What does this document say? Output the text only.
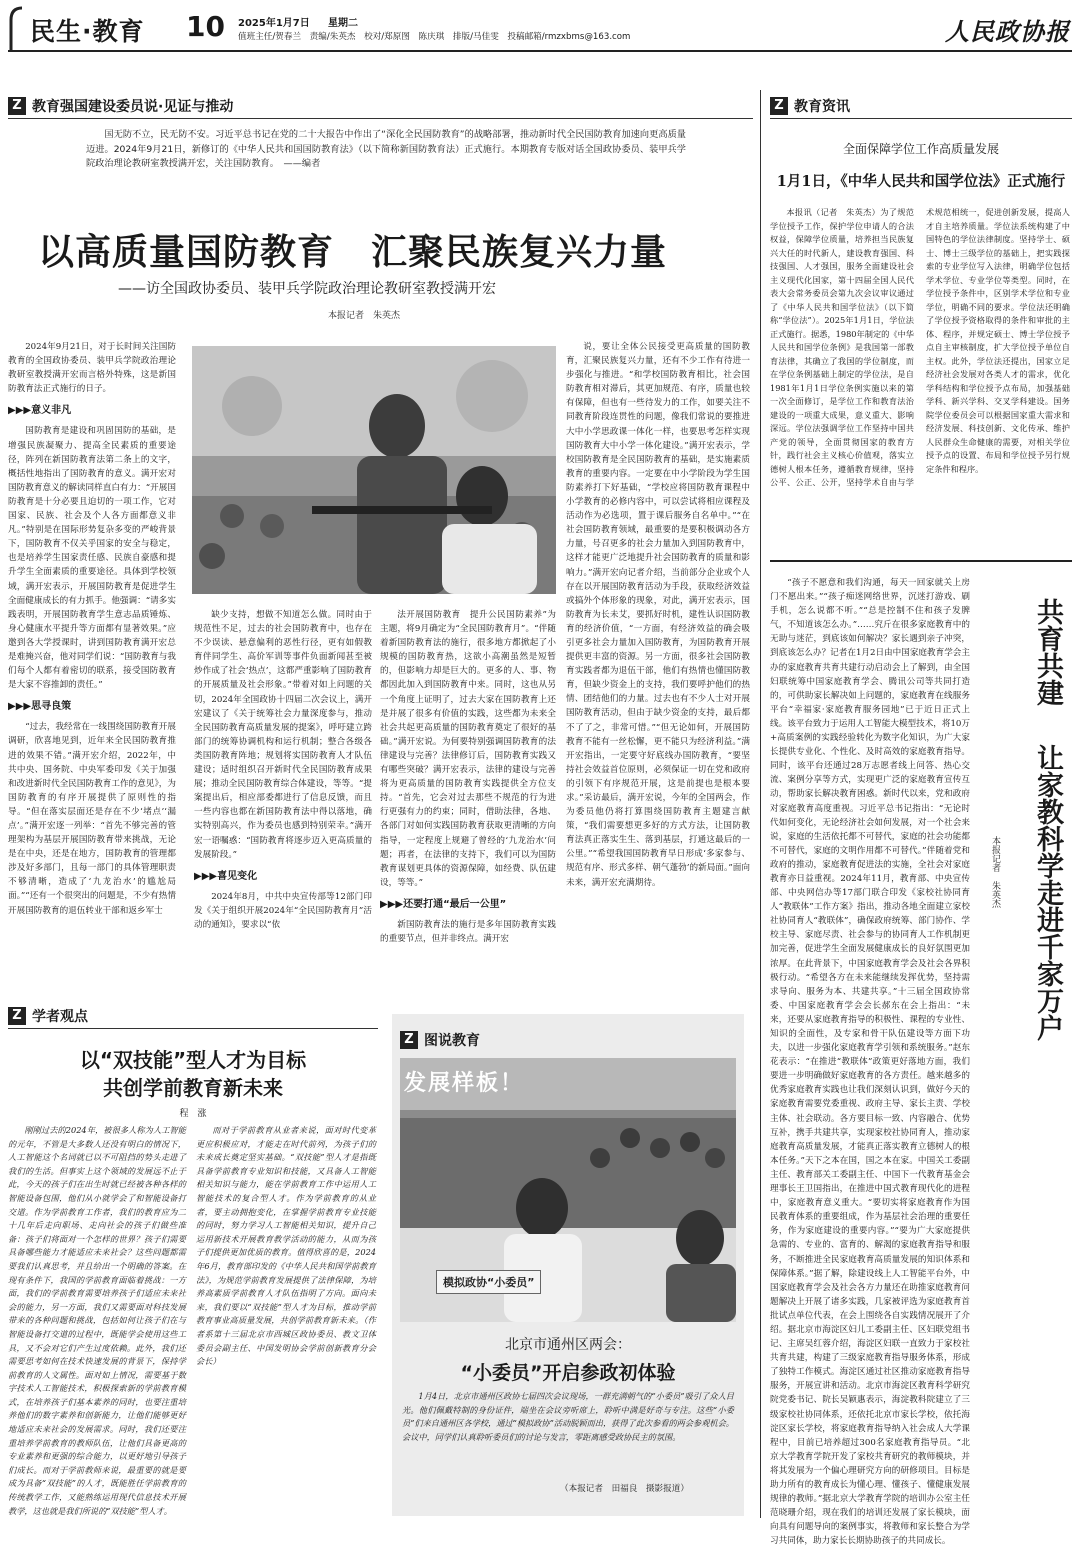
民生·教育 10 2025年1月7日 星期二
值班主任/贺春兰　责编/朱英杰　校对/郑原图　陈庆琪　排版/马佳雯　投稿邮箱/rmzxbms@163.com	人民政协报
Z 教育强国建设委员说·见证与推动

国无防不立，民无防不安。习近平总书记在党的二十大报告中作出了“深化全民国防教育”的战略部署，推动新时代全民国防教育加速向更高质量迈进。2024年9月21日，新修订的《中华人民共和国国防教育法》（以下简称新国防教育法）正式施行。本期教育专版对话全国政协委员、装甲兵学院政治理论教研室教授满开宏，关注国防教育。　——编者

以高质量国防教育　汇聚民族复兴力量
——访全国政协委员、装甲兵学院政治理论教研室教授满开宏
本报记者　朱英杰

2024年9月21日，对于长时间关注国防教育的全国政协委员、装甲兵学院政治理论教研室教授满开宏而言格外特殊，这是新国防教育法正式施行的日子。

▶▶▶意义非凡

国防教育是建设和巩固国防的基础，是增强民族凝聚力、提高全民素质的重要途径，阵列在新国防教育法第二条上的文字，概括性地指出了国防教育的意义。满开宏对国防教育意义的解读同样直白有力：“开展国防教育是十分必要且迫切的一项工作，它对国家、民族、社会及个人各方面都意义非凡。”特别是在国际形势复杂多变的严峻背景下，国防教育不仅关乎国家的安全与稳定，也是培养学生国家责任感、民族自豪感和提升学生全面素质的重要途径。具体到学校领域，满开宏表示，开展国防教育是促进学生全面健康成长的有力抓手。他强调：“请多实践表明，开展国防教育学生意志品质锤炼、身心健康水平提升等方面都有显著效果。”应邀到各大学授课时，讲到国防教育满开宏总是难掩兴奋，他对同学们说：“国防教育与我们每个人都有着密切的联系，接受国防教育是大家不容推卸的责任。”

▶▶▶思寻良策

“过去，我经常在一线围绕国防教育开展调研，欣喜地见到，近年来全民国防教育推进的效果不错。”满开宏介绍，2022年，中共中央、国务院、中央军委印发《关于加强和改进新时代全民国防教育工作的意见》，为国防教育的有序开展提供了原则性的指导。“但在落实层面还是存在不少‘堵点’‘漏点’。”满开宏逐一列举：“首先不够完善的管理架构为基层开展国防教育带来挑战，无论是在中央，还是在地方，国防教育的管理都涉及好多部门，且每一部门的具体管理职责不够清晰，造成了‘九龙治水’的尴尬局面。”“还有一个很突出的问题是，不少有热情开展国防教育的退伍转业干部和返乡军士

缺少支持，想做不知道怎么做。同时由于规范性不足，过去的社会国防教育中，也存在不少误读、悬意偏利的恶性行径，更有如假教育伴同学生、高价军训等事件负面新闻甚至被炒作成了社会‘热点’，这都严重影响了国防教育的开展质量及社会形象。”带着对如上问题的关切，2024年全国政协十四届二次会议上，满开宏建议了《关于统筹社会力量深度参与，推动全民国防教育高质量发展的提案》，呼吁建立跨部门的统筹协调机构和运行机制；整合各级各类国防教育阵地；规划将实国防教育人才队伍建设；适时组织召开新时代全民国防教育成果展；推动全民国防教育综合体建设，等等。“提案提出后，相应部委都进行了信息反馈，而且一些内容也都在新国防教育法中得以落地，确实特别高兴，作为委员也感到特别荣幸。”满开宏一语嘱惑：“国防教育将逐步迈入更高质量的发展阶段。”

▶▶▶喜见变化

2024年8月，中共中央宣传部等12部门印发《关于组织开展2024年“全民国防教育月”活动的通知》，要求以“依

法开展国防教育　提升公民国防素养”为主题，将9月确定为“全民国防教育月”。“伴随着新国防教育法的施行，很多地方都掀起了小规模的国防教育热，这欲小高潮虽然是短暂的，但影响力却是巨大的。更多的人、事、物都因此加入到国防教育中来。同时，这也从另一个角度上证明了，过去大家在国防教育上还是并展了很多有价值的实践，这些都为未来全社会共起更高质量的国防教育奠定了很好的基础。”满开宏说。为何要特别强调国防教育的法律建设与完善？法律修订后，国防教育实践又有哪些突破？满开宏表示，法律的建设与完善将为更高质量的国防教育实践提供全方位支持。“首先，它会对过去那些不规范的行为进行更强有力的约束；同时，借助法律，各地、各部门对如何实践国防教育获取更清晰的方向指导，一定程度上规避了曾经的‘九龙治水’问题；再者，在法律的支持下，我们可以为国防教育谋划更具体的资源保障，如经费、队伍建设，等等。”

▶▶▶还要打通“最后一公里”

新国防教育法的施行是多年国防教育实践的重要节点，但并非终点。满开宏

说，要让全体公民接受更高质量的国防教育，汇聚民族复兴力量，还有不少工作有待进一步强化与推进。“和学校国防教育相比，社会国防教育相对滞后，其更加规范、有序，质量也较有保障，但也有一些待发力的工作，如要关注不同教育阶段连贯性的问题，像我们常说的要推进大中小学思政课一体化一样，也要思考怎样实现国防教育大中小学一体化建设。”满开宏表示，学校国防教育是全民国防教育的基础，是实施素质教育的重要内容。一定要在中小学阶段为学生国防素养打下好基础，“学校应将国防教育课程中小学教育的必修内容中，可以尝试将相应课程及活动作为必选项，置于课后服务自名单中。”“在社会国防教育领域，最重要的是要积极调动各方力量，号召更多的社会力量加入到国防教育中，这样才能更广泛地提升社会国防教育的质量和影响力。”满开宏向记者介绍，当前部分企业或个人存在以开展国防教育活动为手段，获取经济效益或搞外个体形象的现象，对此，满开宏表示，国防教育为长未艾，要抓好时机，建性认识国防教育的经济价值，“一方面，有经济效益的确会吸引更多社会力量加入国防教育，为国防教育开展提供更丰富的资源。另一方面，很多社会国防教育实践者都为退伍干部，他们有热情也懂国防教育，但缺少资金上的支持，我们要呼护他们的热情、团结他们的力量。过去也有不少人士对开展国防教育活动，但由于缺少资金的支持，最后都不了了之，非常可惜。”“但无论如何，开展国防教育不能有一丝松懈，更不能只为经济利益。”满开宏指出，一定要守好底线办国防教育，“要坚持社会效益首位原则，必须保证一切在党和政府的引领下有序规范开展，这是前提也是根本要求。”采访最后，满开宏说，今年的全国两会，作为委员他仍将打算围绕国防教育主题建言献策，“我们需要想更多好的方式方法，让国防教育法真正落实生生、落到基层，打通这最后的一公里。”“希望我国国防教育早日形成‘多家参与、规范有序、形式多样、朝气蓬勃’的新局面。”面向未来，满开宏充满期待。

Z 教育资讯
全面保障学位工作高质量发展
1月1日，《中华人民共和国学位法》正式施行

本报讯（记者　朱英杰）为了规范学位授予工作，保护学位申请人的合法权益，保障学位质量，培养担当民族复兴大任的时代新人，建设教育强国、科技强国、人才强国，服务全面建设社会主义现代化国家，第十四届全国人民代表大会常务委员会第九次会议审议通过了《中华人民共和国学位法》（以下简称“学位法”）。2025年1月1日，学位法正式施行。据悉，1980年制定的《中华人民共和国学位条例》是我国第一部教育法律，其确立了我国的学位制度，而在学位条例基础上制定的学位法，是自1981年1月1日学位条例实施以来的第一次全面修订，是学位工作和教育法治建设的一项重大成果，意义重大、影响深远。学位法强调学位工作坚持中国共产党的领导，全面贯彻国家的教育方针，践行社会主义核心价值观，落实立德树人根本任务，遵循教育规律，坚持公平、公正、公开，坚持学术自由与学术规范相统一，促进创新发展，提高人才自主培养质量。学位法系统构建了中国特色的学位法律制度。坚持学士、硕士、博士三级学位的基础上，把实践探索的专业学位写入法律，明确学位包括学术学位、专业学位等类型。同时，在学位授予条件中，区别学术学位和专业学位，明确不同的要求。学位法还明确了学位授予资格取得的条件和审批的主体、程序，并规定硕士、博士学位授予点自主审核制度，扩大学位授予单位自主权。此外，学位法还提出，国家立足经济社会发展对各类人才的需求，优化学科结构和学位授予点布局，加强基础学科、新兴学科、交叉学科建设。国务院学位委员会可以根据国家重大需求和经济发展、科技创新、文化传承、维护人民群众生命健康的需要，对相关学位授予点的设置、布局和学位授予另行规定条件和程序。

“孩子不愿意和我们沟通，每天一回家就关上房门不愿出来。”“孩子痴迷网络世界，沉迷打游戏、刷手机，怎么说都不听。”“总是控制不住和孩子发脾气，不知道该怎么办。”……究斤在很多家庭教育中的无助与迷茫，到底该如何解决？家长遇到亲子冲突，到底该怎么办？记者在1月2日由中国家庭教育学会主办的家庭教育共育共建行动启动会上了解到，由全国妇联统筹中国家庭教育学会、腾讯公司等共同打造的，可供助家长解决如上问题的，家庭教育在线服务平台“幸福家·家庭教育服务园地”已于近日正式上线。该平台致力于运用人工智能大模型技术，将10万+高质案例的实践经验转化为数字化知识，为广大家长提供专业化、个性化、及时高效的家庭教育指导。同时，该平台还通过28万志愿者线上问答、热心交流、案例分享等方式，实现更广泛的家庭教育宣传互动，帮助家长解决教育困惑。新时代以来，党和政府对家庭教育高度重视。习近平总书记指出：“无论时代如何变化，无论经济社会如何发展，对一个社会来说，家庭的生活依托都不可替代，家庭的社会功能都不可替代，家庭的文明作用都不可替代。”伴随着党和政府的推动，家庭教育促进法的实施，全社会对家庭教育亦日益重视。2024年11月，教育部、中央宣传部、中央网信办等17部门联合印发《家校社协同育人“教联体”工作方案》指出，推动各地全面建立家校社协同育人“教联体”，确保政府统筹、部门协作、学校主导、家庭尽责、社会参与的协同育人工作机制更加完善，促进学生全面发展健康成长的良好氛围更加浓厚。在此背景下，中国家庭教育学会及社会各界积极行动。“希望各方在未来能继续发挥优势，坚持需求导向、服务为本、共建共享。”十三届全国政协常委、中国家庭教育学会会长郝东在会上指出：“未来，还要从家庭教育指导的积极性、课程的专业性、知识的全面性，及专家和骨干队伍建设等方面下功夫，以进一步强化家庭教育学引领和系统服务。”赵东花表示：“在推进“教联体”政策更好落地方面，我们要进一步明确做好家庭教育的各方责任。越来越多的优秀家庭教育实践也让我们深刻认识到，做好今天的家庭教育需要党委重视、政府主导、家长主责、学校主体、社会联动。各方要目标一致、内容融合、优势互补，携手共建共享，实现家校社协同育人，推动家庭教育高质量发展，才能真正落实教育立德树人的根本任务。”天下之本在国，国之本在家。中国关工委副主任、教育部关工委副主任、中国下一代教育基金会理事长王卫国指出，在推进中国式教育现代化的进程中，家庭教育意义重大。“要切实将家庭教育作为国民教育体系的重要组成，作为基层社会治理的重要任务，作为家庭建设的重要内容。”“要为广大家庭提供急需的、专业的、富育的、解渴的家庭教育指导和服务，不断推进全民家庭教育高质量发展的知识体系和保障体系。”据了解，除建设线上人工智能平台外，中国家庭教育学会及社会各方力量还在助推家庭教育问题解决上开展了诸多实践，几家被评选为家庭教育首批试点单位代表，在会上围绕各自实践情况展开了介绍。据北京市海淀区妇儿工委副主任、区妇联党组书记、主席吴红蓉介绍，海淀区妇联一直致力于家校社共育共建，构建了三级家庭教育指导服务体系，形成了独特工作模式。海淀区通过社区推动家庭教育指导服务，开展宣讲和活动。北京市海淀区教育科学研究院党委书记、院长吴颖惠表示，海淀教科院建立了三级家校社协同体系，还依托北京市家长学校，依托海淀区家长学校，将家庭教育指导纳入社会成人大学课程中，目前已培养超过300名家庭教育指导员。“北京大学教育学院开发了家校共育研究的教师模块，并将其发展为一个偏心理研究方向的研修项目。目标是助力所有的教育成长为懂心理、懂孩子、懂健康发展规律的教师。”据北京大学教育学院的培训办公室主任范晓珊介绍，现在我们的培训还发展了家长模块，面向具有问题导向的案例事实，将教师和家长整合为学习共同体，助力家长长期协助孩子的共同成长。

共育共建
让家教科学走进千家万户
本报记者　朱英杰
Z 学者观点
以“双技能”型人才为目标
共创学前教育新未来
程　涨

刚刚过去的2024年，被很多人称为人工智能的元年，不管是大多数人还没有明白的情况下，人工智能这个名词就已以不可阻挡的势头走进了我们的生活。但事实上这个领域的发展远不止于此，今天的孩子们在出生时就已经被各种各样的智能设备包围，他们从小就学会了和智能设备打交道。作为学前教育工作者，我们的教育应为二十几年后走向职场、走向社会的孩子们做些准备：孩子们将面对一个怎样的世界？孩子们需要具备哪些能力才能适应未来社会？这些问题都需要我们认真思考，并且给出一个明确的答案。在现有条件下，我国的学前教育面临着挑战：一方面，我们的学前教育需要培养孩子们适应未来社会的能力，另一方面，我们又需要面对科技发展带来的各种问题和挑战，包括如何让孩子们在与智能设备打交道的过程中，既能学会使用这些工具，又不会对它们产生过度依赖。此外，我们还需要思考如何在技术快速发展的背景下，保持学前教育的人文属性。面对如上情况，需要基于数字技术人工智能技术，积极探索新的学前教育模式，在培养孩子们基本素养的同时，也要注重培养他们的数字素养和创新能力，让他们能够更好地适应未来社会的发展需求。同时，我们还要注重培养学前教育的教师队伍，让他们具备更高的专业素养和更强的综合能力，以更好地引导孩子们成长。而对于学前教师来说，最重要的就是要成为具备“双技能”的人才，既能胜任学前教育的传统教学工作，又能熟练运用现代信息技术开展教学，这也就是我们所说的“双技能”型人才。

而对于学前教育从业者来说，面对时代变革更应积极应对，才能走在时代前列，为孩子们的未来成长奠定坚实基础。“双技能”型人才是指既具备学前教育专业知识和技能，又具备人工智能相关知识与能力，能在学前教育工作中运用人工智能技术的复合型人才。作为学前教育的从业者，要主动拥抱变化，在掌握学前教育专业技能的同时，努力学习人工智能相关知识，提升自己运用新技术开展教育教学活动的能力，从而为孩子们提供更加优质的教育。值得欣喜的是，2024年6月，教育部印发的《中华人民共和国学前教育法》，为规范学前教育发展提供了法律保障，为培养高素质学前教育人才队伍指明了方向。面向未来，我们要以“双技能”型人才为目标，推动学前教育事业高质量发展，共创学前教育新未来。（作者系第十三届北京市西城区政协委员、教文卫体委员会副主任、中国发明协会学前创新教育分会会长）

Z 图说教育
发展样板！
模拟政协“小委员”
北京市通州区两会：
“小委员”开启参政初体验

1月4日，北京市通州区政协七届四次会议现场，一群充满朝气的“小委员”吸引了众人目光。他们佩戴特制的身份证件，端坐在会议旁听席上，聆听中满是好奇与专注。这些“小委员”们来自通州区各学校，通过“模拟政协”活动脱颖而出，获得了此次参看的两会参观机会。会议中，同学们认真聆听委员们的讨论与发言，零距离感受政协民主的氛围。

（本报记者　田福良　摄影报道）
